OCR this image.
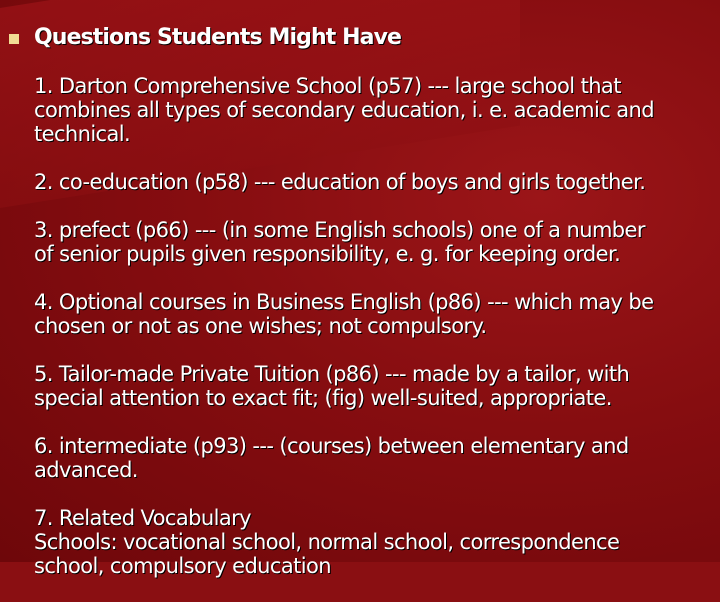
Questions Students Might Have
1. Darton Comprehensive School (p57) --- large school that
combines all types of secondary education, i. e. academic and
technical.
2. co-education (p58) --- education of boys and girls together.
3. prefect (p66) --- (in some English schools) one of a number
of senior pupils given responsibility, e. g. for keeping order.
4. Optional courses in Business English (p86) --- which may be
chosen or not as one wishes; not compulsory.
5. Tailor-made Private Tuition (p86) --- made by a tailor, with
special attention to exact fit; (fig) well-suited, appropriate.
6. intermediate (p93) --- (courses) between elementary and
advanced.
7. Related Vocabulary
Schools: vocational school, normal school, correspondence
school, compulsory education
